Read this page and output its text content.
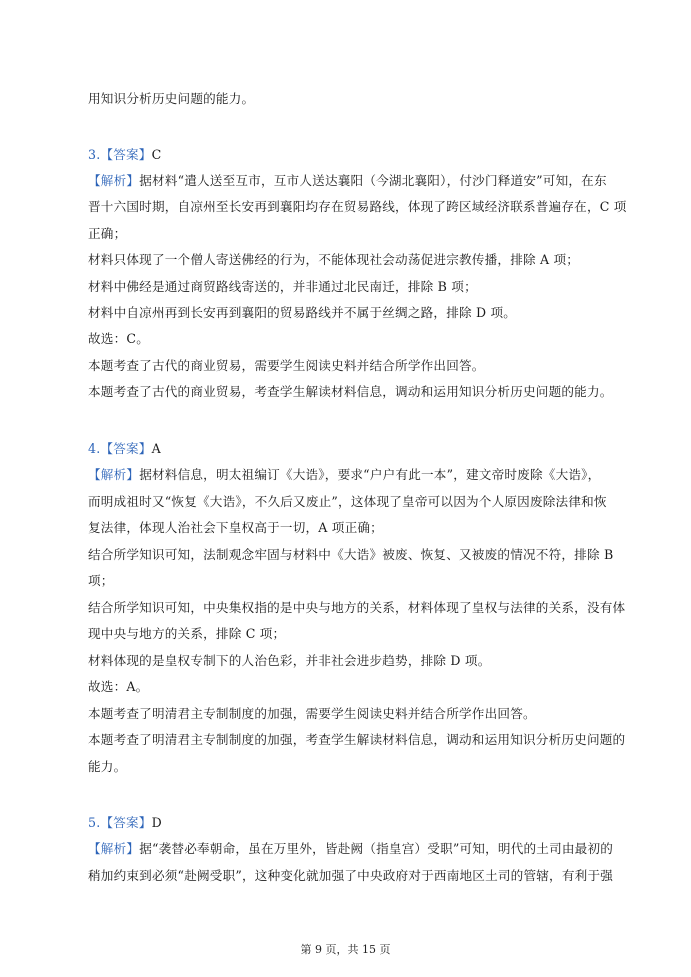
用知识分析历史问题的能力。
3.【答案】C
【解析】据材料“遣人送至互市，互市人送达襄阳（今湖北襄阳），付沙门释道安”可知，在东
晋十六国时期，自凉州至长安再到襄阳均存在贸易路线，体现了跨区域经济联系普遍存在，C 项
正确；
材料只体现了一个僧人寄送佛经的行为，不能体现社会动荡促进宗教传播，排除 A 项；
材料中佛经是通过商贸路线寄送的，并非通过北民南迁，排除 B 项；
材料中自凉州再到长安再到襄阳的贸易路线并不属于丝绸之路，排除 D 项。
故选：C。
本题考查了古代的商业贸易，需要学生阅读史料并结合所学作出回答。
本题考查了古代的商业贸易，考查学生解读材料信息，调动和运用知识分析历史问题的能力。
4.【答案】A
【解析】据材料信息，明太祖编订《大诰》，要求“户户有此一本”，建文帝时废除《大诰》，
而明成祖时又“恢复《大诰》，不久后又废止”，这体现了皇帝可以因为个人原因废除法律和恢
复法律，体现人治社会下皇权高于一切，A 项正确；
结合所学知识可知，法制观念牢固与材料中《大诰》被废、恢复、又被废的情况不符，排除 B
项；
结合所学知识可知，中央集权指的是中央与地方的关系，材料体现了皇权与法律的关系，没有体
现中央与地方的关系，排除 C 项；
材料体现的是皇权专制下的人治色彩，并非社会进步趋势，排除 D 项。
故选：A。
本题考查了明清君主专制制度的加强，需要学生阅读史料并结合所学作出回答。
本题考查了明清君主专制制度的加强，考查学生解读材料信息，调动和运用知识分析历史问题的
能力。
5.【答案】D
【解析】据“袭替必奉朝命，虽在万里外，皆赴阙（指皇宫）受职”可知，明代的土司由最初的
稍加约束到必须“赴阙受职”，这种变化就加强了中央政府对于西南地区土司的管辖，有利于强
第 9 页，共 15 页
